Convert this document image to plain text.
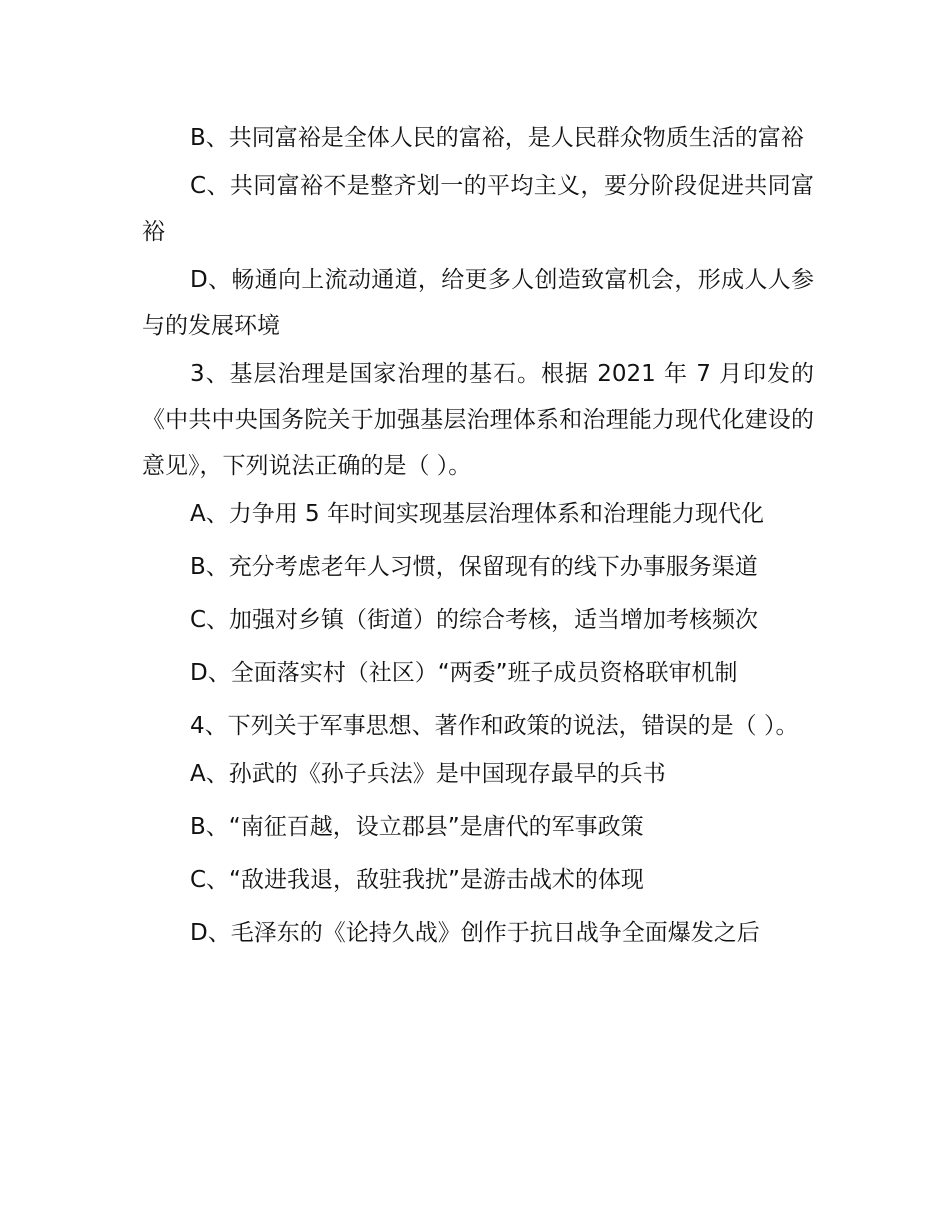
B、共同富裕是全体人民的富裕，是人民群众物质生活的富裕

C、共同富裕不是整齐划一的平均主义，要分阶段促进共同富裕

D、畅通向上流动通道，给更多人创造致富机会，形成人人参与的发展环境

3、基层治理是国家治理的基石。根据 2021 年 7 月印发的《中共中央国务院关于加强基层治理体系和治理能力现代化建设的意见》，下列说法正确的是（ ）。

A、力争用 5 年时间实现基层治理体系和治理能力现代化

B、充分考虑老年人习惯，保留现有的线下办事服务渠道

C、加强对乡镇（街道）的综合考核，适当增加考核频次

D、全面落实村（社区）“两委”班子成员资格联审机制

4、下列关于军事思想、著作和政策的说法，错误的是（ ）。

A、孙武的《孙子兵法》是中国现存最早的兵书

B、“南征百越，设立郡县”是唐代的军事政策

C、“敌进我退，敌驻我扰”是游击战术的体现

D、毛泽东的《论持久战》创作于抗日战争全面爆发之后
